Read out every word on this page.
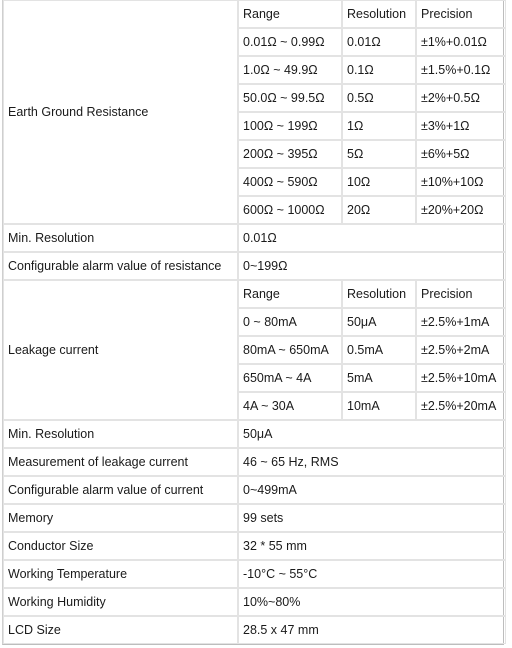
Earth Ground Resistance	Range	Resolution	Precision
	0.01Ω ~ 0.99Ω	0.01Ω	±1%+0.01Ω
	1.0Ω ~ 49.9Ω	0.1Ω	±1.5%+0.1Ω
	50.0Ω ~ 99.5Ω	0.5Ω	±2%+0.5Ω
	100Ω ~ 199Ω	1Ω	±3%+1Ω
	200Ω ~ 395Ω	5Ω	±6%+5Ω
	400Ω ~ 590Ω	10Ω	±10%+10Ω
	600Ω ~ 1000Ω	20Ω	±20%+20Ω
Min. Resolution	0.01Ω		
Configurable alarm value of resistance	0~199Ω		
Leakage current	Range	Resolution	Precision
	0 ~ 80mA	50μA	±2.5%+1mA
	80mA ~ 650mA	0.5mA	±2.5%+2mA
	650mA ~ 4A	5mA	±2.5%+10mA
	4A ~ 30A	10mA	±2.5%+20mA
Min. Resolution	50μA		
Measurement of leakage current	46 ~ 65 Hz, RMS		
Configurable alarm value of current	0~499mA		
Memory	99 sets		
Conductor Size	32 * 55 mm		
Working Temperature	-10°C ~ 55°C		
Working Humidity	10%~80%		
LCD Size	28.5 x 47 mm		
